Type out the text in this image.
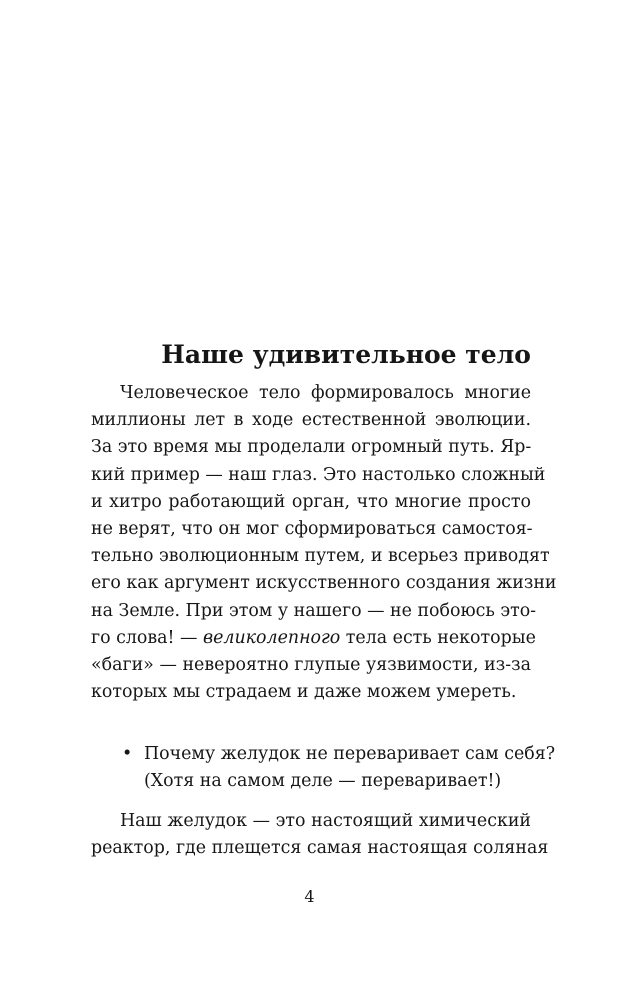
Наше удивительное тело
Человеческое тело формировалось многие
миллионы лет в ходе естественной эволюции.
За это время мы проделали огромный путь. Яр-
кий пример — наш глаз. Это настолько сложный
и хитро работающий орган, что многие просто
не верят, что он мог сформироваться самостоя-
тельно эволюционным путем, и всерьез приводят
его как аргумент искусственного создания жизни
на Земле. При этом у нашего — не побоюсь это-
го слова! — великолепного тела есть некоторые
«баги» — невероятно глупые уязвимости, из-за
которых мы страдаем и даже можем умереть.
• Почему желудок не переваривает сам себя?
(Хотя на самом деле — переваривает!)
Наш желудок — это настоящий химический
реактор, где плещется самая настоящая соляная
4
